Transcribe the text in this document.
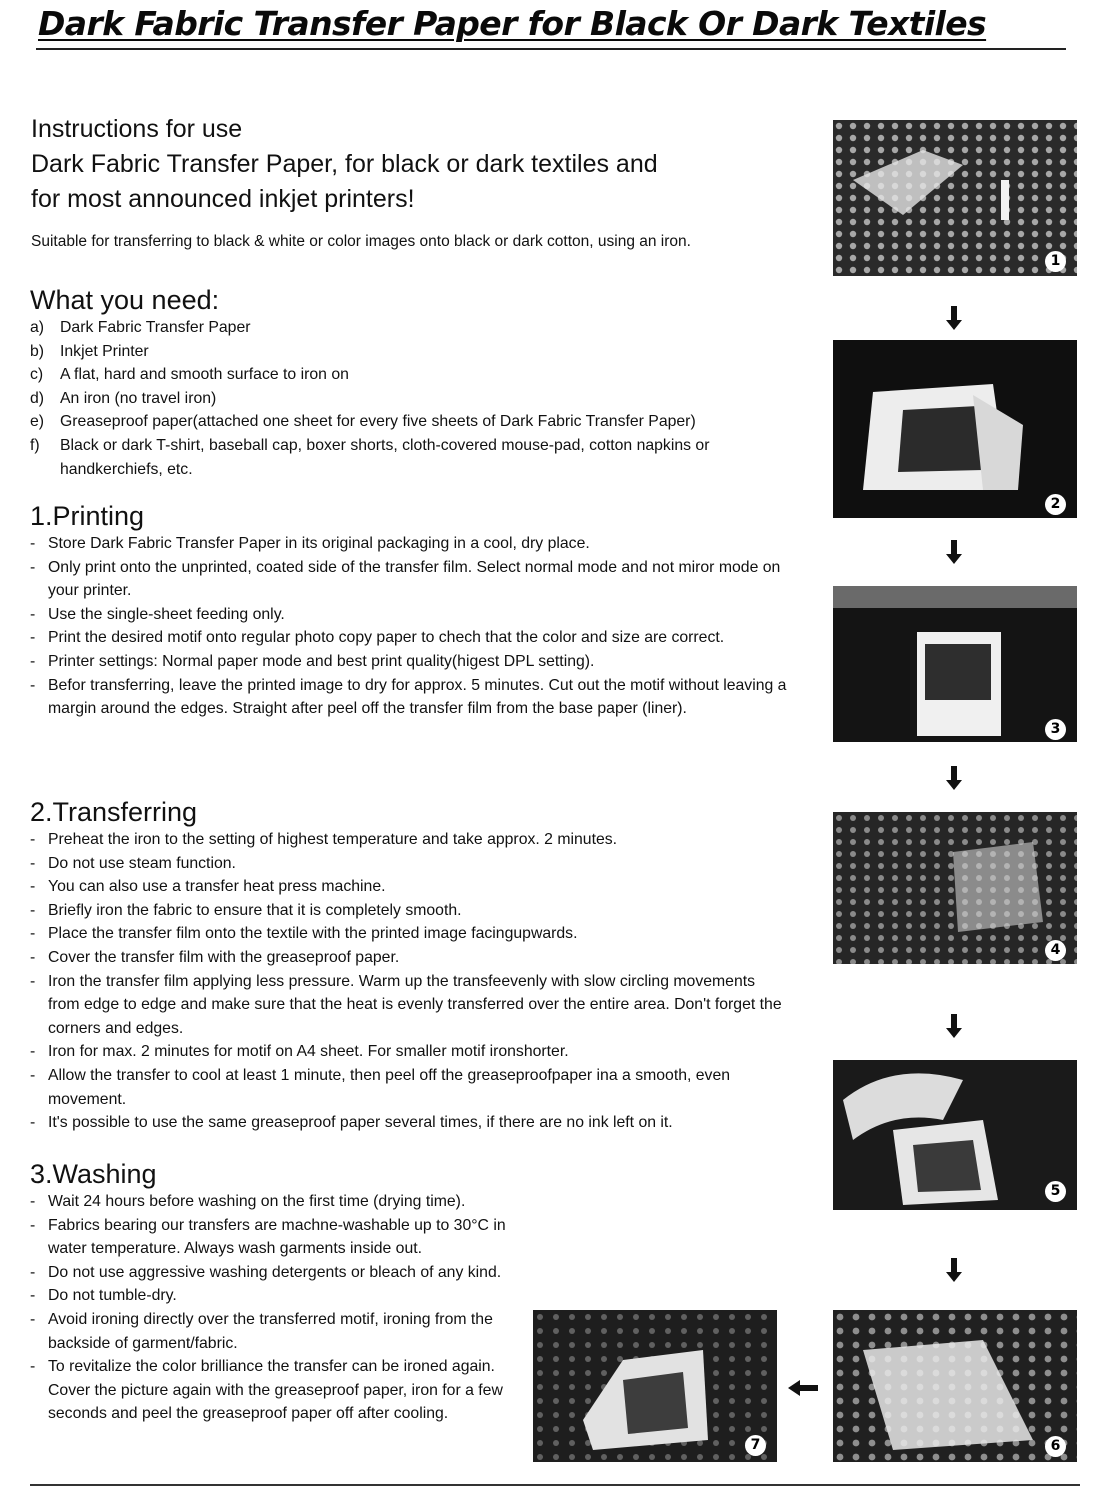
Dark Fabric Transfer Paper for Black Or Dark Textiles
Instructions for use
Dark Fabric Transfer Paper, for black or dark textiles and
for most announced inkjet printers!
Suitable for transferring to black & white or color images onto black or dark cotton, using an iron.
What you need:
a) Dark Fabric Transfer Paper
b) Inkjet Printer
c) A flat, hard and smooth surface to iron on
d) An iron (no travel iron)
e) Greaseproof paper(attached one sheet for every five sheets of Dark Fabric Transfer Paper)
f) Black or dark T-shirt, baseball cap, boxer shorts, cloth-covered mouse-pad, cotton napkins or handkerchiefs, etc.
1.Printing
- Store Dark Fabric Transfer Paper in its original packaging in a cool, dry place.
- Only print onto the unprinted, coated side of the transfer film. Select normal mode and not miror mode on your printer.
- Use the single-sheet feeding only.
- Print the desired motif onto regular photo copy paper to chech that the color and size are correct.
- Printer settings: Normal paper mode and best print quality(higest DPL setting).
- Befor transferring, leave the printed image to dry for approx. 5 minutes. Cut out the motif without leaving a margin around the edges. Straight after peel off the transfer film from the base paper (liner).
2.Transferring
- Preheat the iron to the setting of highest temperature and take approx. 2 minutes.
- Do not use steam function.
- You can also use a transfer heat press machine.
- Briefly iron the fabric to ensure that it is completely smooth.
- Place the transfer film onto the textile with the printed image facingupwards.
- Cover the transfer film with the greaseproof paper.
- Iron the transfer film applying less pressure. Warm up the transfeevenly with slow circling movements from edge to edge and make sure that the heat is evenly transferred over the entire area. Don't forget the corners and edges.
- Iron for max. 2 minutes for motif on A4 sheet. For smaller motif ironshorter.
- Allow the transfer to cool at least 1 minute, then peel off the greaseproofpaper ina a smooth, even movement.
- It's possible to use the same greaseproof paper several times, if there are no ink left on it.
3.Washing
- Wait 24 hours before washing on the first time (drying time).
- Fabrics bearing our transfers are machne-washable up to 30°C in water temperature. Always wash garments inside out.
- Do not use aggressive washing detergents or bleach of any kind.
- Do not tumble-dry.
- Avoid ironing directly over the transferred motif, ironing from the backside of garment/fabric.
- To revitalize the color brilliance the transfer can be ironed again. Cover the picture again with the greaseproof paper, iron for a few seconds and peel the greaseproof paper off after cooling.
1
2
3
4
5
6
7
